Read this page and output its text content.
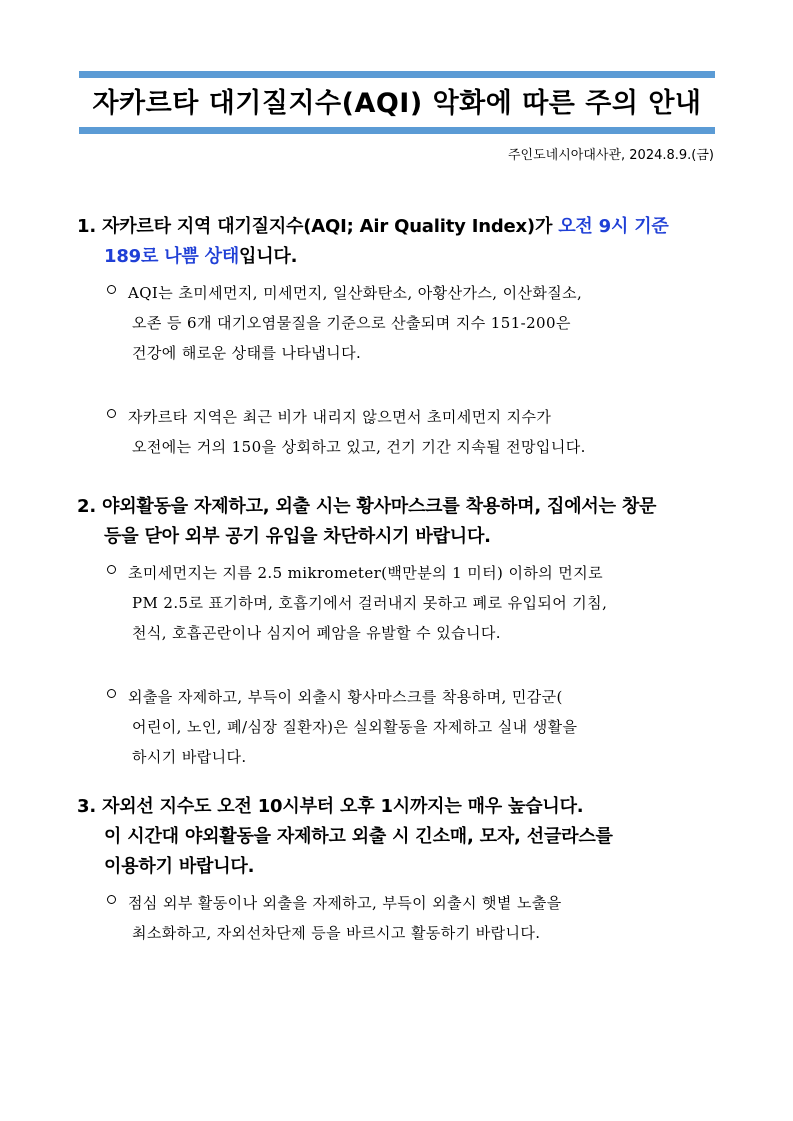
자카르타 대기질지수(AQI) 악화에 따른 주의 안내
주인도네시아대사관, 2024.8.9.(금)
1. 자카르타 지역 대기질지수(AQI; Air Quality Index)가 오전 9시 기준
189로 나쁨 상태입니다.
AQI는 초미세먼지, 미세먼지, 일산화탄소, 아황산가스, 이산화질소,
오존 등 6개 대기오염물질을 기준으로 산출되며 지수 151-200은
건강에 해로운 상태를 나타냅니다.
자카르타 지역은 최근 비가 내리지 않으면서 초미세먼지 지수가
오전에는 거의 150을 상회하고 있고, 건기 기간 지속될 전망입니다.
2. 야외활동을 자제하고, 외출 시는 황사마스크를 착용하며, 집에서는 창문
등을 닫아 외부 공기 유입을 차단하시기 바랍니다.
초미세먼지는 지름 2.5 mikrometer(백만분의 1 미터) 이하의 먼지로
PM 2.5로 표기하며, 호흡기에서 걸러내지 못하고 폐로 유입되어 기침,
천식, 호흡곤란이나 심지어 폐암을 유발할 수 있습니다.
외출을 자제하고, 부득이 외출시 황사마스크를 착용하며, 민감군(
어린이, 노인, 폐/심장 질환자)은 실외활동을 자제하고 실내 생활을
하시기 바랍니다.
3. 자외선 지수도 오전 10시부터 오후 1시까지는 매우 높습니다.
이 시간대 야외활동을 자제하고 외출 시 긴소매, 모자, 선글라스를
이용하기 바랍니다.
점심 외부 활동이나 외출을 자제하고, 부득이 외출시 햇볕 노출을
최소화하고, 자외선차단제 등을 바르시고 활동하기 바랍니다.
